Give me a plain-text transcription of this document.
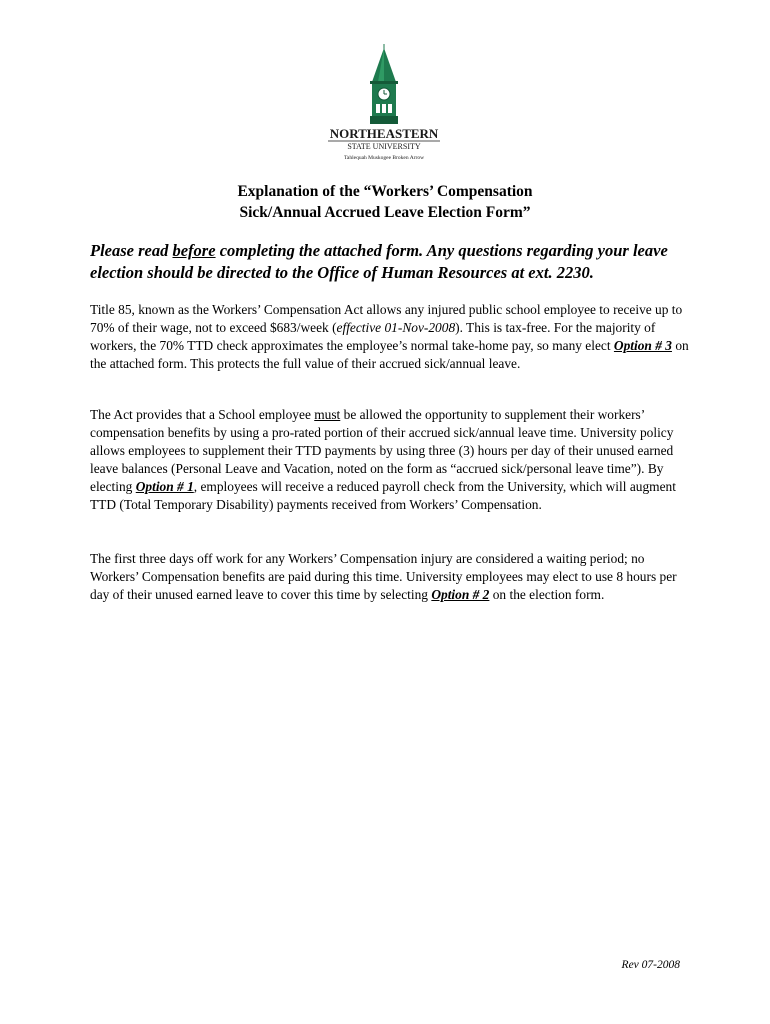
NORTHEASTERN
STATE UNIVERSITY
Tahlequah Muskogee Broken Arrow
Explanation of the “Workers’ Compensation
Sick/Annual Accrued Leave Election Form”
Please read before completing the attached form. Any questions regarding your leave election should be directed to the Office of Human Resources at ext. 2230.
Title 85, known as the Workers’ Compensation Act allows any injured public school employee to receive up to 70% of their wage, not to exceed $683/week (effective 01-Nov-2008). This is tax-free. For the majority of workers, the 70% TTD check approximates the employee’s normal take-home pay, so many elect Option # 3 on the attached form. This protects the full value of their accrued sick/annual leave.
The Act provides that a School employee must be allowed the opportunity to supplement their workers’ compensation benefits by using a pro-rated portion of their accrued sick/annual leave time. University policy allows employees to supplement their TTD payments by using three (3) hours per day of their unused earned leave balances (Personal Leave and Vacation, noted on the form as “accrued sick/personal leave time”). By electing Option # 1, employees will receive a reduced payroll check from the University, which will augment TTD (Total Temporary Disability) payments received from Workers’ Compensation.
The first three days off work for any Workers’ Compensation injury are considered a waiting period; no Workers’ Compensation benefits are paid during this time. University employees may elect to use 8 hours per day of their unused earned leave to cover this time by selecting Option # 2 on the election form.
Rev 07-2008
